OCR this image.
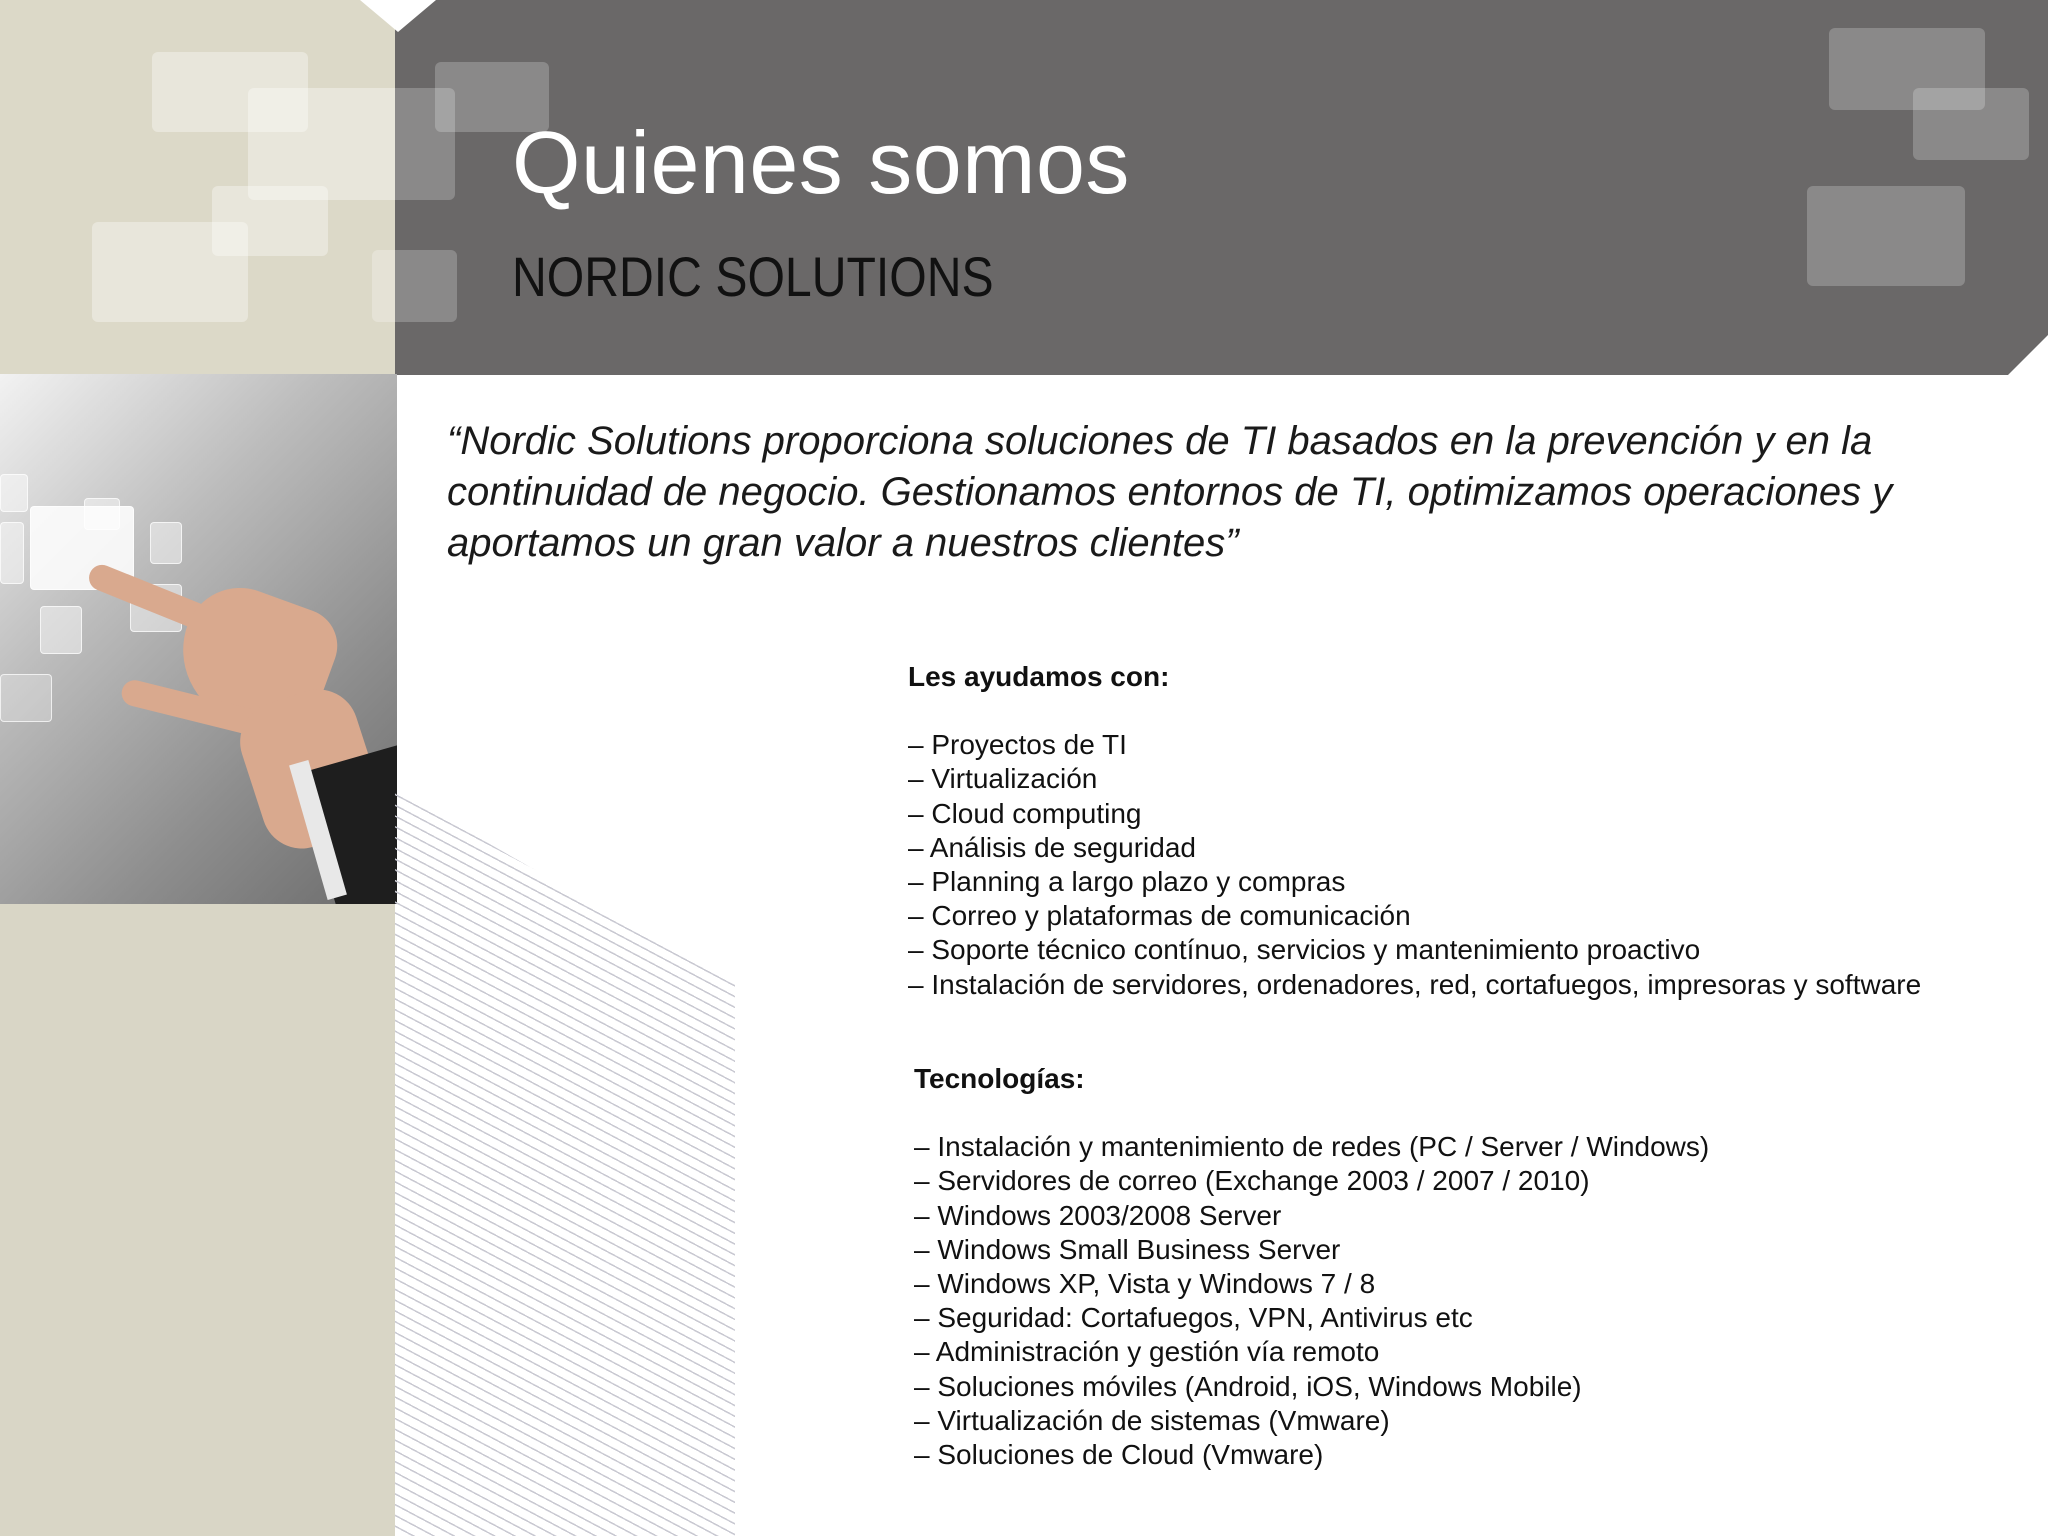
Quienes somos
NORDIC SOLUTIONS
“Nordic Solutions proporciona soluciones de TI basados en la prevención y en la continuidad de negocio. Gestionamos entornos de TI, optimizamos operaciones y aportamos un gran valor a nuestros clientes”
Les ayudamos con:
– Proyectos de TI
– Virtualización
– Cloud computing
– Análisis de seguridad
– Planning a largo plazo y compras
– Correo y plataformas de comunicación
– Soporte técnico contínuo, servicios y mantenimiento proactivo
– Instalación de servidores, ordenadores, red, cortafuegos, impresoras y software
Tecnologías:
– Instalación y mantenimiento de redes (PC / Server / Windows)
– Servidores de correo (Exchange 2003 / 2007 / 2010)
– Windows 2003/2008 Server
– Windows Small Business Server
– Windows XP, Vista y Windows 7 / 8
– Seguridad: Cortafuegos, VPN, Antivirus etc
– Administración y gestión vía remoto
– Soluciones móviles (Android, iOS, Windows Mobile)
– Virtualización de sistemas (Vmware)
– Soluciones de Cloud (Vmware)
